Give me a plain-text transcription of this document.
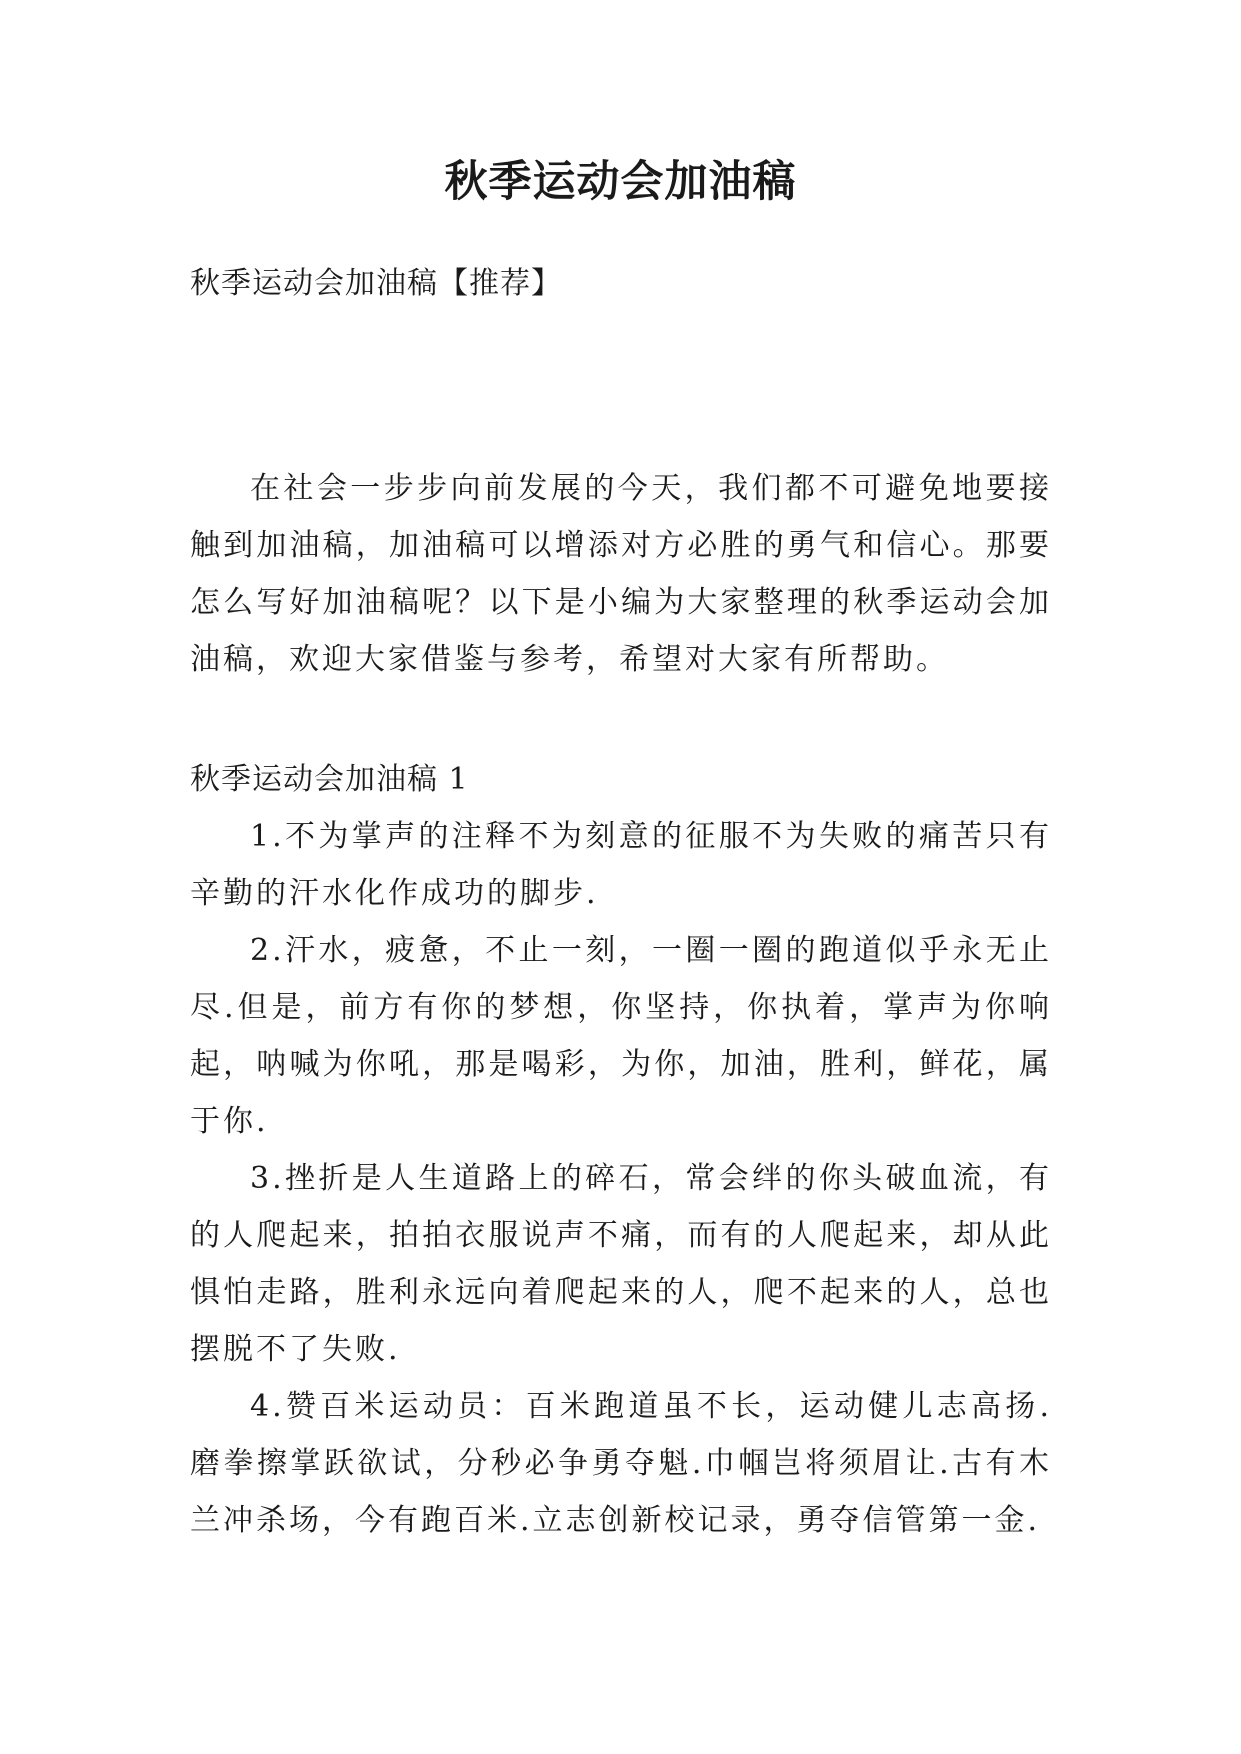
秋季运动会加油稿
秋季运动会加油稿【推荐】

在社会一步步向前发展的今天，我们都不可避免地要接触到加油稿，加油稿可以增添对方必胜的勇气和信心。那要怎么写好加油稿呢？以下是小编为大家整理的秋季运动会加油稿，欢迎大家借鉴与参考，希望对大家有所帮助。

秋季运动会加油稿 1

1.不为掌声的注释不为刻意的征服不为失败的痛苦只有辛勤的汗水化作成功的脚步.

2.汗水，疲惫，不止一刻，一圈一圈的跑道似乎永无止尽.但是，前方有你的梦想，你坚持，你执着，掌声为你响起，呐喊为你吼，那是喝彩，为你，加油，胜利，鲜花，属于你.

3.挫折是人生道路上的碎石，常会绊的你头破血流，有的人爬起来，拍拍衣服说声不痛，而有的人爬起来，却从此惧怕走路，胜利永远向着爬起来的人，爬不起来的人，总也摆脱不了失败.

4.赞百米运动员：百米跑道虽不长，运动健儿志高扬.磨拳擦掌跃欲试，分秒必争勇夺魁.巾帼岂将须眉让.古有木兰冲杀场，今有跑百米.立志创新校记录，勇夺信管第一金.
